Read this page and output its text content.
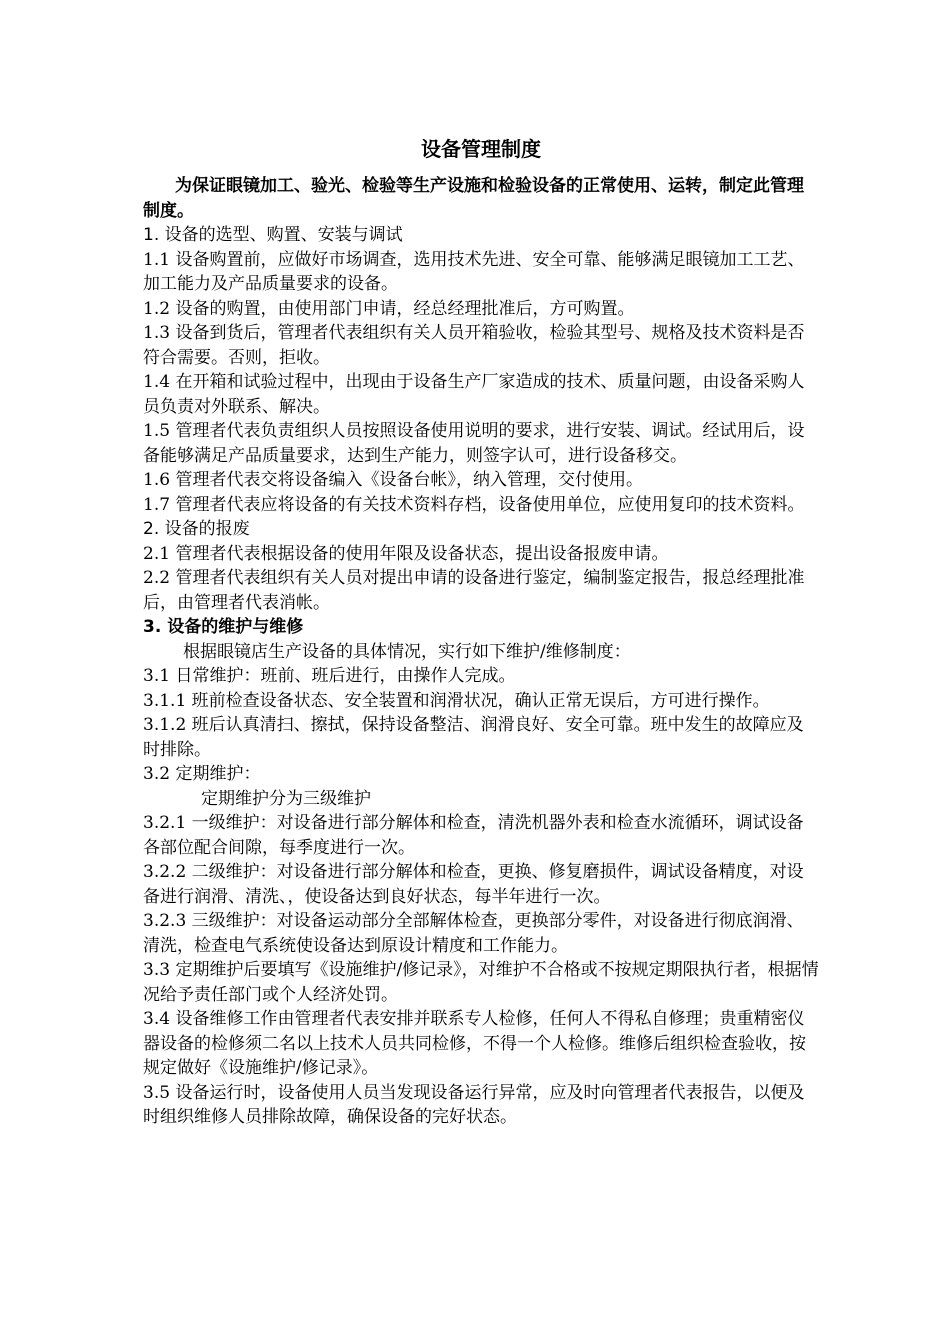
设备管理制度

为保证眼镜加工、验光、检验等生产设施和检验设备的正常使用、运转，制定此管理制度。

1. 设备的选型、购置、安装与调试

1.1 设备购置前，应做好市场调查，选用技术先进、安全可靠、能够满足眼镜加工工艺、加工能力及产品质量要求的设备。

1.2 设备的购置，由使用部门申请，经总经理批准后，方可购置。

1.3 设备到货后，管理者代表组织有关人员开箱验收，检验其型号、规格及技术资料是否符合需要。否则，拒收。

1.4 在开箱和试验过程中，出现由于设备生产厂家造成的技术、质量问题，由设备采购人员负责对外联系、解决。

1.5 管理者代表负责组织人员按照设备使用说明的要求，进行安装、调试。经试用后，设备能够满足产品质量要求，达到生产能力，则签字认可，进行设备移交。

1.6 管理者代表交将设备编入《设备台帐》，纳入管理，交付使用。

1.7 管理者代表应将设备的有关技术资料存档，设备使用单位，应使用复印的技术资料。

2. 设备的报废

2.1 管理者代表根据设备的使用年限及设备状态，提出设备报废申请。

2.2 管理者代表组织有关人员对提出申请的设备进行鉴定，编制鉴定报告，报总经理批准后，由管理者代表消帐。

3. 设备的维护与维修

根据眼镜店生产设备的具体情况，实行如下维护/维修制度：

3.1 日常维护：班前、班后进行，由操作人完成。

3.1.1 班前检查设备状态、安全装置和润滑状况，确认正常无误后，方可进行操作。

3.1.2 班后认真清扫、擦拭，保持设备整洁、润滑良好、安全可靠。班中发生的故障应及时排除。

3.2 定期维护：

定期维护分为三级维护

3.2.1 一级维护：对设备进行部分解体和检查，清洗机器外表和检查水流循环，调试设备各部位配合间隙，每季度进行一次。

3.2.2 二级维护：对设备进行部分解体和检查，更换、修复磨损件，调试设备精度，对设备进行润滑、清洗、，使设备达到良好状态，每半年进行一次。

3.2.3 三级维护：对设备运动部分全部解体检查，更换部分零件，对设备进行彻底润滑、清洗，检查电气系统使设备达到原设计精度和工作能力。

3.3 定期维护后要填写《设施维护/修记录》，对维护不合格或不按规定期限执行者，根据情况给予责任部门或个人经济处罚。

3.4 设备维修工作由管理者代表安排并联系专人检修，任何人不得私自修理；贵重精密仪器设备的检修须二名以上技术人员共同检修，不得一个人检修。维修后组织检查验收，按规定做好《设施维护/修记录》。

3.5 设备运行时，设备使用人员当发现设备运行异常，应及时向管理者代表报告，以便及时组织维修人员排除故障，确保设备的完好状态。
